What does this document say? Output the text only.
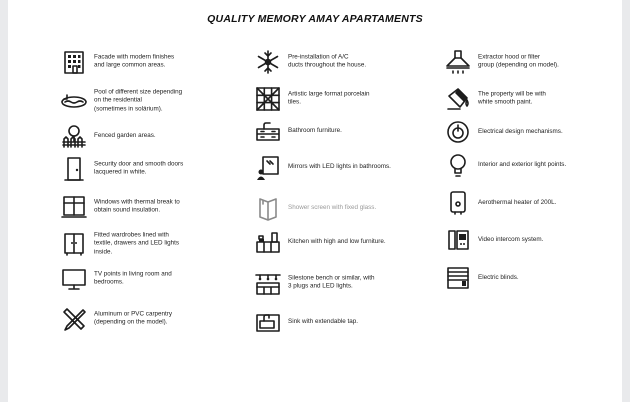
QUALITY MEMORY AMAY APARTAMENTS
Facade with modern finishes
and large common areas.
Pool of different size depending
on the residential
(sometimes in solárium).
Fenced garden areas.
Security door and smooth doors
lacquered in white.
Windows with thermal break to
obtain sound insulation.
Fitted wardrobes lined with
textile, drawers and LED lights
inside.
TV points in living room and
bedrooms.
Aluminum or PVC carpentry
(depending on the model).
Pre-installation of A/C
ducts throughout the house.
Artistic large format porcelain
tiles.
Bathroom furniture.
Mirrors with LED lights in bathrooms.
Shower screen with fixed glass.
Kitchen with high and low furniture.
Silestone bench or similar, with
3 plugs and LED lights.
Sink with extendable tap.
Extractor hood or filter
group (depending on model).
The property will be with
white smooth paint.
Electrical design mechanisms.
Interior and exterior light points.
Aerothermal heater of 200L.
Video intercom system.
Electric blinds.
